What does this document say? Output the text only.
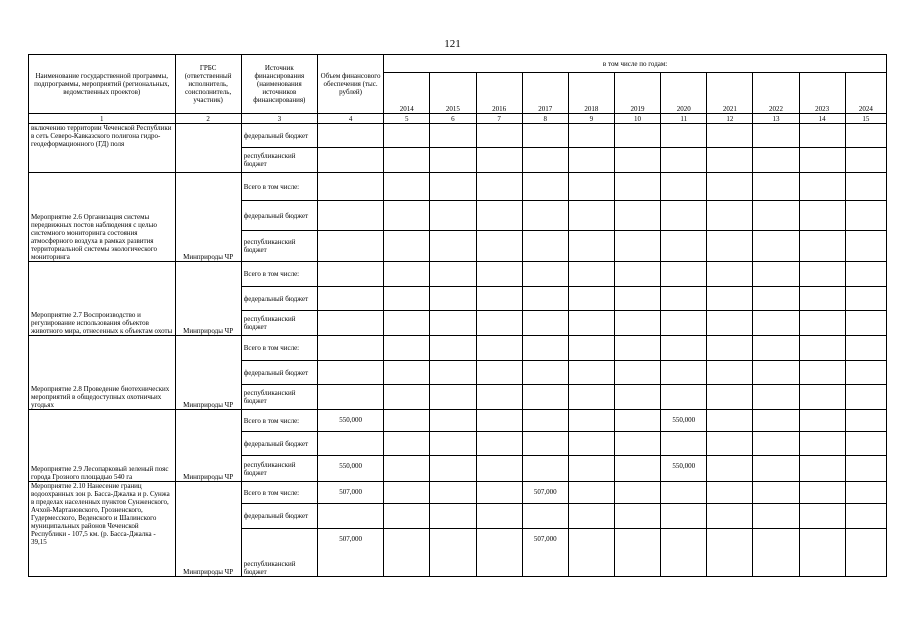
121
Наименование государственной программы, подпрограммы, мероприятий (региональных, ведомственных проектов)	ГРБС (ответственный исполнитель, соисполнитель, участник)	Источник финансирования (наименования источников финансирования)	Объем финансового обеспечения (тыс. рублей)	в том числе по годам:										
				2014	2015	2016	2017	2018	2019	2020	2021	2022	2023	2024
1	2	3	4	5	6	7	8	9	10	11	12	13	14	15
включению территории Чеченской Республики в сеть Северо-Кавказского полигона гидро-геодеформационного (ГД) поля		федеральный бюджет												
		республиканский бюджет												
Мероприятие 2.6 Организация системы передвижных постов наблюдения с целью системного мониторинга состояния атмосферного воздуха в рамках развития территориальной системы экологического мониторинга	Минприроды ЧР	Всего в том числе:												
		федеральный бюджет												
		республиканский бюджет												
Мероприятие 2.7 Воспроизводство и регулирование использования объектов животного мира, отнесенных к объектам охоты	Минприроды ЧР	Всего в том числе:												
		федеральный бюджет												
		республиканский бюджет												
Мероприятие 2.8 Проведение биотехнических мероприятий в общедоступных охотничьих угодьях	Минприроды ЧР	Всего в том числе:												
		федеральный бюджет												
		республиканский бюджет												
Мероприятие 2.9 Лесопарковый зеленый пояс города Грозного площадью 540 га	Минприроды ЧР	Всего в том числе:	550,000							550,000				
		федеральный бюджет												
		республиканский бюджет	550,000							550,000				
Мероприятие 2.10 Нанесение границ водоохранных зон р. Басса-Джалка и р. Сунжа в пределах населенных пунктов Сунженского, Ачхой-Мартановского, Грозненского, Гудермесского, Веденского и Шалинского муниципальных районов Чеченской Республики - 107,5 км. (р. Басса-Джалка - 39,15	Минприроды ЧР	Всего в том числе:	507,000				507,000							
		федеральный бюджет												
		республиканский бюджет	507,000				507,000							
